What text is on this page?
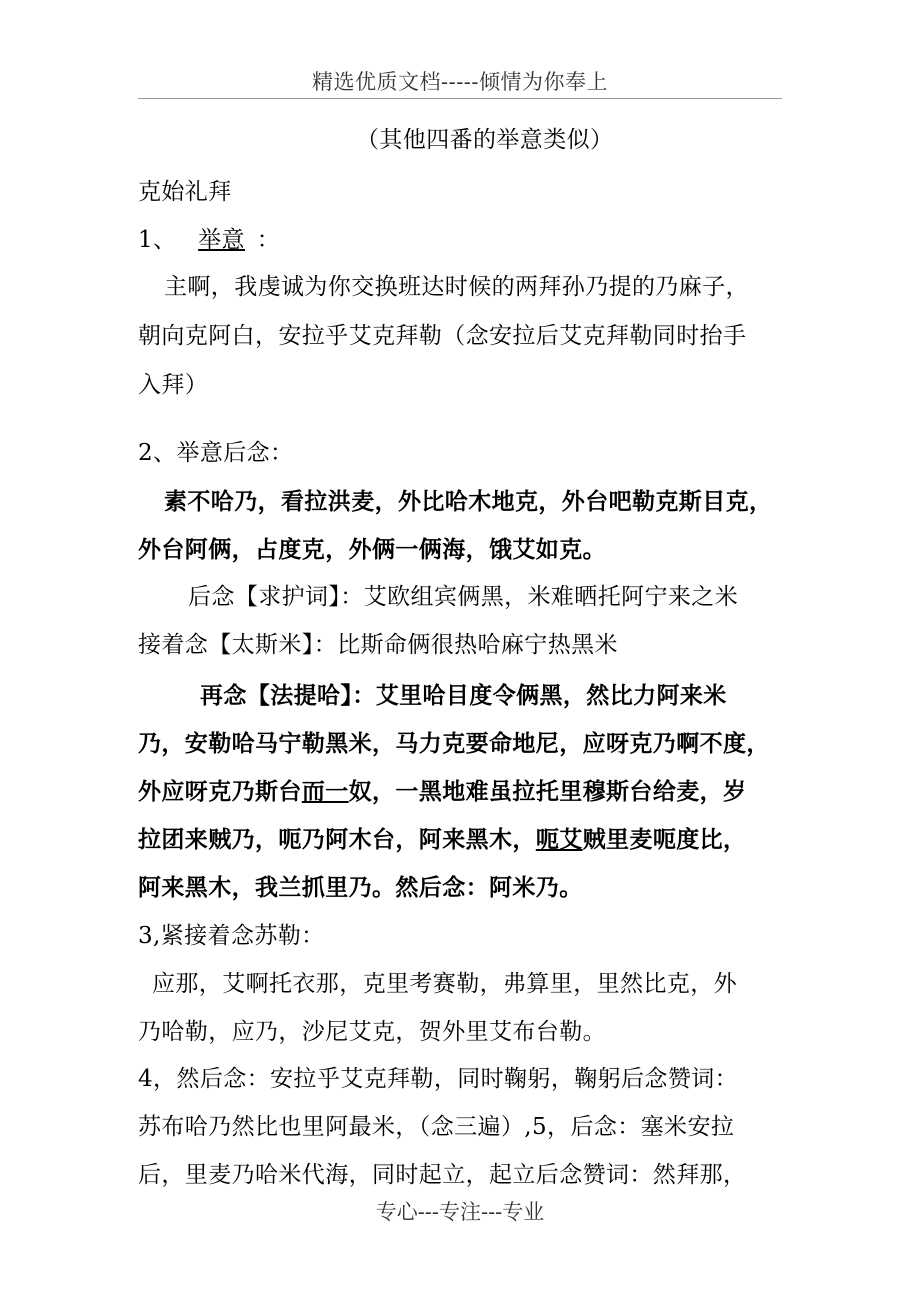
精选优质文档-----倾情为你奉上
（其他四番的举意类似）
克始礼拜
1、 举意 ：
主啊，我虔诚为你交换班达时候的两拜孙乃提的乃麻子，
朝向克阿白，安拉乎艾克拜勒（念安拉后艾克拜勒同时抬手
入拜）
2、举意后念：
素不哈乃，看拉洪麦，外比哈木地克，外台吧勒克斯目克，
外台阿俩，占度克，外俩一俩海，饿艾如克。
后念【求护词】：艾欧组宾俩黑，米难晒托阿宁来之米
接着念【太斯米】：比斯命俩很热哈麻宁热黑米
再念【法提哈】：艾里哈目度令俩黑，然比力阿来米
乃，安勒哈马宁勒黑米，马力克要命地尼，应呀克乃啊不度，
外应呀克乃斯台而一奴，一黑地难虽拉托里穆斯台给麦，岁
拉团来贼乃，呃乃阿木台，阿来黑木，呃艾贼里麦呃度比，
阿来黑木，我兰抓里乃。然后念：阿米乃。
3,紧接着念苏勒：
应那，艾啊托衣那，克里考赛勒，弗算里，里然比克，外
乃哈勒，应乃，沙尼艾克，贺外里艾布台勒。
4，然后念：安拉乎艾克拜勒，同时鞠躬，鞠躬后念赞词：
苏布哈乃然比也里阿最米，（念三遍）,5，后念：塞米安拉
后，里麦乃哈米代海，同时起立，起立后念赞词：然拜那，
专心---专注---专业
